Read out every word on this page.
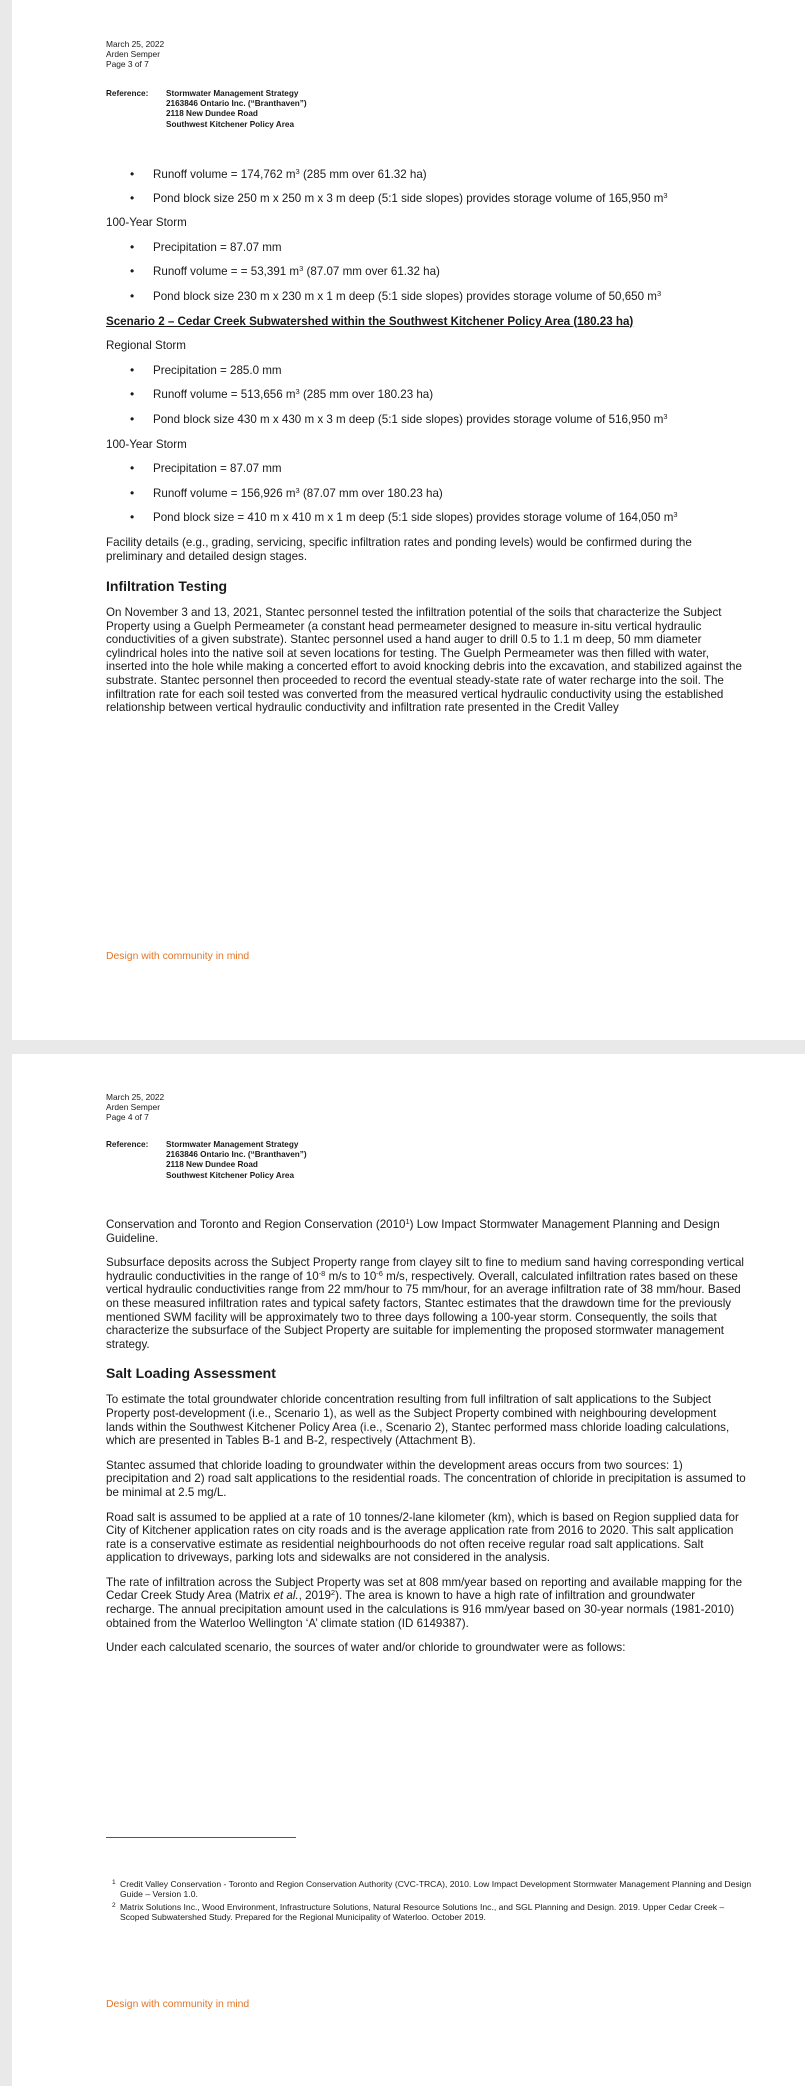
March 25, 2022
Arden Semper
Page 3 of 7
Reference:	Stormwater Management Strategy
2163846 Ontario Inc. (“Branthaven”)
2118 New Dundee Road
Southwest Kitchener Policy Area

• Runoff volume = 174,762 $m^3$ (285 mm over 61.32 ha)

• Pond block size 250 m x 250 m x 3 m deep (5:1 side slopes) provides storage volume of 165,950 $m^3$

100-Year Storm

• Precipitation = 87.07 mm

• Runoff volume = = 53,391 $m^3$ (87.07 mm over 61.32 ha)

• Pond block size 230 m x 230 m x 1 m deep (5:1 side slopes) provides storage volume of 50,650 $m^3$

Scenario 2 – Cedar Creek Subwatershed within the Southwest Kitchener Policy Area (180.23 ha)

Regional Storm

• Precipitation = 285.0 mm

• Runoff volume = 513,656 $m^3$ (285 mm over 180.23 ha)

• Pond block size 430 m x 430 m x 3 m deep (5:1 side slopes) provides storage volume of 516,950 $m^3$

100-Year Storm

• Precipitation = 87.07 mm

• Runoff volume = 156,926 $m^3$ (87.07 mm over 180.23 ha)

• Pond block size = 410 m x 410 m x 1 m deep (5:1 side slopes) provides storage volume of 164,050 $m^3$

Facility details (e.g., grading, servicing, specific infiltration rates and ponding levels) would be confirmed during the preliminary and detailed design stages.

Infiltration Testing

On November 3 and 13, 2021, Stantec personnel tested the infiltration potential of the soils that characterize the Subject Property using a Guelph Permeameter (a constant head permeameter designed to measure in-situ vertical hydraulic conductivities of a given substrate). Stantec personnel used a hand auger to drill 0.5 to 1.1 m deep, 50 mm diameter cylindrical holes into the native soil at seven locations for testing. The Guelph Permeameter was then filled with water, inserted into the hole while making a concerted effort to avoid knocking debris into the excavation, and stabilized against the substrate. Stantec personnel then proceeded to record the eventual steady-state rate of water recharge into the soil. The infiltration rate for each soil tested was converted from the measured vertical hydraulic conductivity using the established relationship between vertical hydraulic conductivity and infiltration rate presented in the Credit Valley

Design with community in mind
March 25, 2022
Arden Semper
Page 4 of 7
Reference:	Stormwater Management Strategy
2163846 Ontario Inc. (“Branthaven”)
2118 New Dundee Road
Southwest Kitchener Policy Area

Conservation and Toronto and Region Conservation (2010$^1$) Low Impact Stormwater Management Planning and Design Guideline.

Subsurface deposits across the Subject Property range from clayey silt to fine to medium sand having corresponding vertical hydraulic conductivities in the range of $10^{-8}$ m/s to $10^{-6}$ m/s, respectively. Overall, calculated infiltration rates based on these vertical hydraulic conductivities range from 22 mm/hour to 75 mm/hour, for an average infiltration rate of 38 mm/hour. Based on these measured infiltration rates and typical safety factors, Stantec estimates that the drawdown time for the previously mentioned SWM facility will be approximately two to three days following a 100-year storm. Consequently, the soils that characterize the subsurface of the Subject Property are suitable for implementing the proposed stormwater management strategy.

Salt Loading Assessment

To estimate the total groundwater chloride concentration resulting from full infiltration of salt applications to the Subject Property post-development (i.e., Scenario 1), as well as the Subject Property combined with neighbouring development lands within the Southwest Kitchener Policy Area (i.e., Scenario 2), Stantec performed mass chloride loading calculations, which are presented in Tables B-1 and B-2, respectively (Attachment B).

Stantec assumed that chloride loading to groundwater within the development areas occurs from two sources: 1) precipitation and 2) road salt applications to the residential roads. The concentration of chloride in precipitation is assumed to be minimal at 2.5 mg/L.

Road salt is assumed to be applied at a rate of 10 tonnes/2-lane kilometer (km), which is based on Region supplied data for City of Kitchener application rates on city roads and is the average application rate from 2016 to 2020. This salt application rate is a conservative estimate as residential neighbourhoods do not often receive regular road salt applications. Salt application to driveways, parking lots and sidewalks are not considered in the analysis.

The rate of infiltration across the Subject Property was set at 808 mm/year based on reporting and available mapping for the Cedar Creek Study Area (Matrix et al., 2019$^2$). The area is known to have a high rate of infiltration and groundwater recharge. The annual precipitation amount used in the calculations is 916 mm/year based on 30-year normals (1981-2010) obtained from the Waterloo Wellington ‘A’ climate station (ID 6149387).

Under each calculated scenario, the sources of water and/or chloride to groundwater were as follows:

1 Credit Valley Conservation - Toronto and Region Conservation Authority (CVC-TRCA), 2010. Low Impact Development Stormwater Management Planning and Design Guide – Version 1.0.
2 Matrix Solutions Inc., Wood Environment, Infrastructure Solutions, Natural Resource Solutions Inc., and SGL Planning and Design. 2019. Upper Cedar Creek – Scoped Subwatershed Study. Prepared for the Regional Municipality of Waterloo. October 2019.
Design with community in mind
